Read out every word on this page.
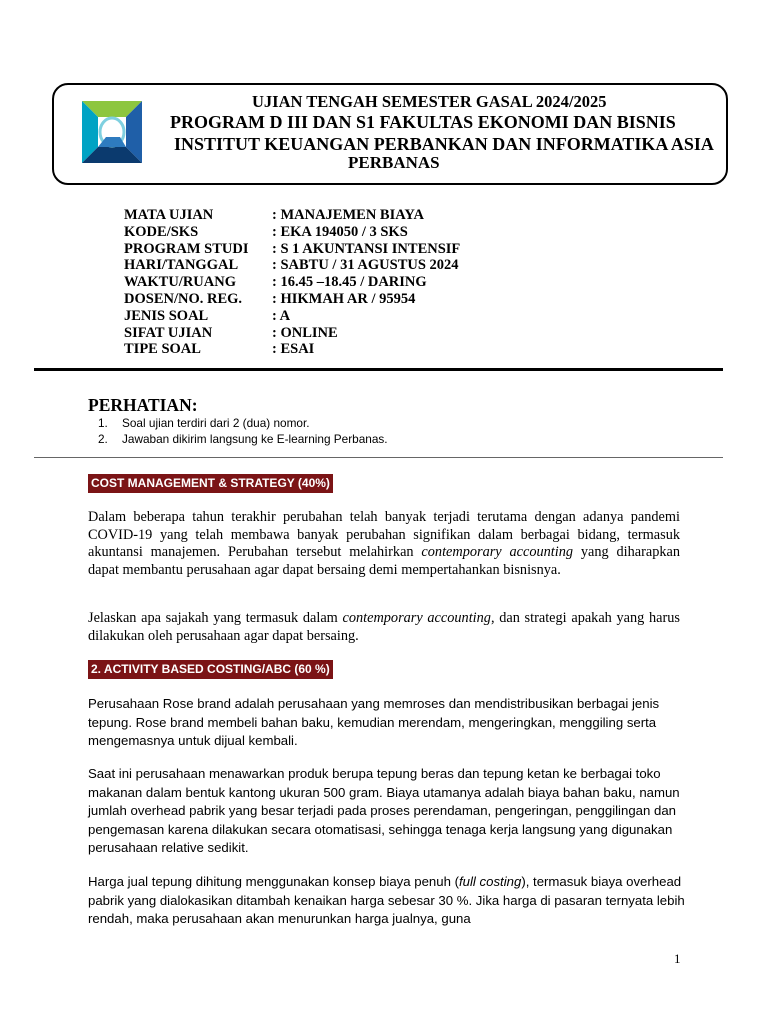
UJIAN TENGAH SEMESTER GASAL 2024/2025
PROGRAM D III DAN S1 FAKULTAS EKONOMI DAN BISNIS
INSTITUT KEUANGAN PERBANKAN DAN INFORMATIKA ASIA
PERBANAS
MATA UJIAN	: MANAJEMEN BIAYA
KODE/SKS	: EKA 194050 / 3 SKS
PROGRAM STUDI	: S 1 AKUNTANSI INTENSIF
HARI/TANGGAL	: SABTU / 31 AGUSTUS 2024
WAKTU/RUANG	: 16.45 –18.45 / DARING
DOSEN/NO. REG.	: HIKMAH AR / 95954
JENIS SOAL	: A
SIFAT UJIAN	: ONLINE
TIPE SOAL	: ESAI
PERHATIAN:
1.	Soal ujian terdiri dari 2 (dua) nomor.
2.	Jawaban dikirim langsung ke E-learning Perbanas.
COST MANAGEMENT & STRATEGY (40%)
Dalam beberapa tahun terakhir perubahan telah banyak terjadi terutama dengan adanya pandemi COVID-19 yang telah membawa banyak perubahan signifikan dalam berbagai bidang, termasuk akuntansi manajemen. Perubahan tersebut melahirkan contemporary accounting yang diharapkan dapat membantu perusahaan agar dapat bersaing demi mempertahankan bisnisnya.
Jelaskan apa sajakah yang termasuk dalam contemporary accounting, dan strategi apakah yang harus dilakukan oleh perusahaan agar dapat bersaing.
2. ACTIVITY BASED COSTING/ABC (60 %)
Perusahaan Rose brand adalah perusahaan yang memroses dan mendistribusikan berbagai jenis tepung. Rose brand membeli bahan baku, kemudian merendam, mengeringkan, menggiling serta mengemasnya untuk dijual kembali.
Saat ini perusahaan menawarkan produk berupa tepung beras dan tepung ketan ke berbagai toko makanan dalam bentuk kantong ukuran 500 gram. Biaya utamanya adalah biaya bahan baku, namun jumlah overhead pabrik yang besar terjadi pada proses perendaman, pengeringan, penggilingan dan pengemasan karena dilakukan secara otomatisasi, sehingga tenaga kerja langsung yang digunakan perusahaan relative sedikit.
Harga jual tepung dihitung menggunakan konsep biaya penuh (full costing), termasuk biaya overhead pabrik yang dialokasikan ditambah kenaikan harga sebesar 30 %. Jika harga di pasaran ternyata lebih rendah, maka perusahaan akan menurunkan harga jualnya, guna
1
